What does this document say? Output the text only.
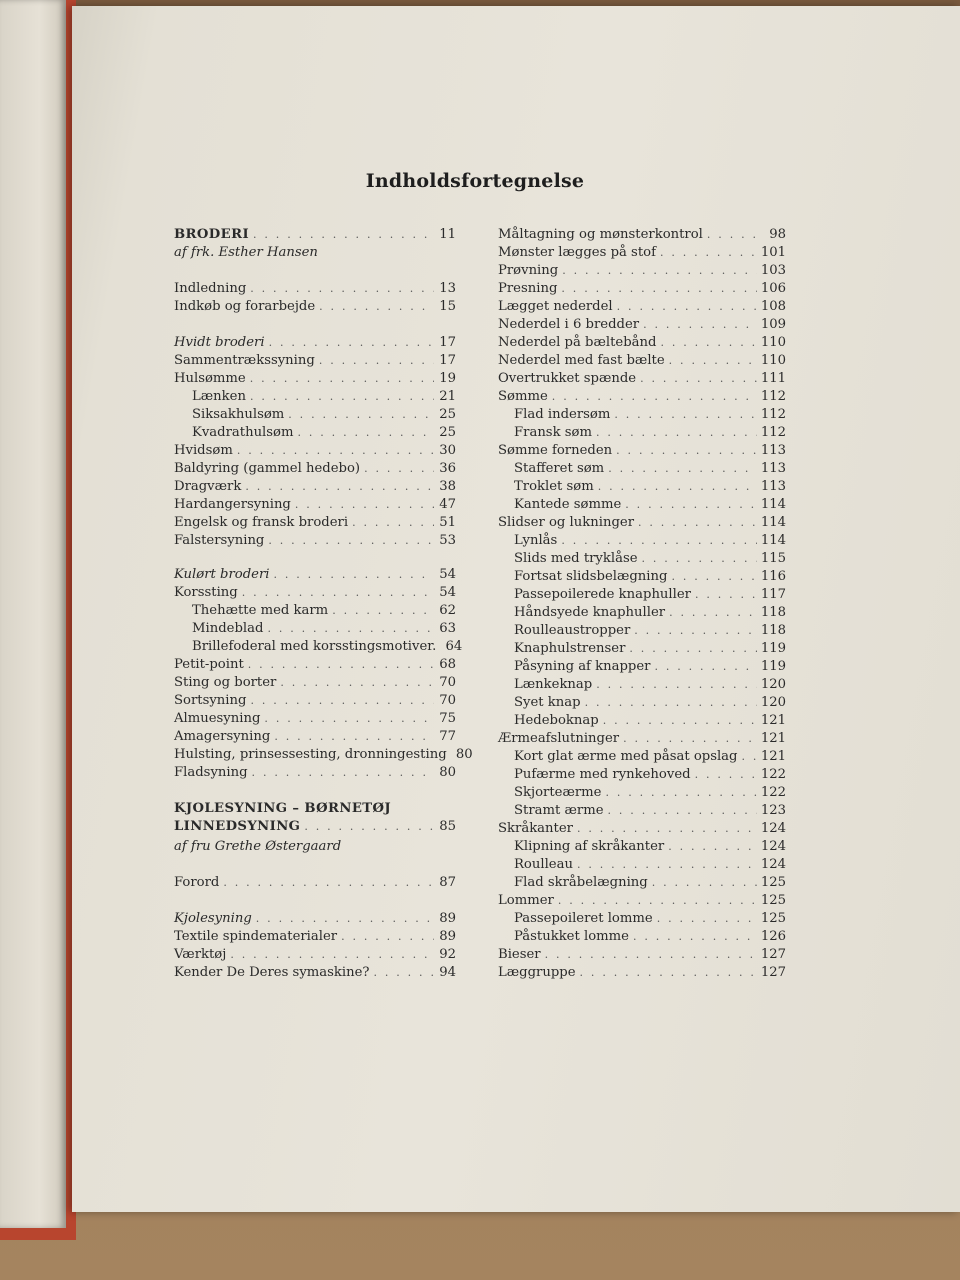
Indholdsfortegnelse
BRODERI . . .	11
af frk. Esther Hansen
Indledning . . .	13
Indkøb og forarbejde . . .	15
Hvidt broderi . . .	17
Sammentrækssyning . . .	17
Hulsømme . . .	19
Lænken . . .	21
Siksakhulsøm . . .	25
Kvadrathulsøm . . .	25
Hvidsøm . . .	30
Baldyring (gammel hedebo) . . .	36
Dragværk . . .	38
Hardangersyning . . .	47
Engelsk og fransk broderi . . .	51
Falstersyning . . .	53
Kulørt broderi . . .	54
Korssting . . .	54
Thehætte med karm . . .	62
Mindeblad . . .	63
Brillefoderal med korsstingsmotiver. 64
Petit-point . . .	68
Sting og borter . . .	70
Sortsyning . . .	70
Almuesyning . . .	75
Amagersyning . . .	77
Hulsting, prinsessesting, dronningesting 80
Fladsyning . . .	80
KJOLESYNING – BØRNETØJ
LINNEDSYNING . . .	85
af fru Grethe Østergaard
Forord . . .	87
Kjolesyning . . .	89
Textile spindematerialer . . .	89
Værktøj . . .	92
Kender De Deres symaskine? . . .	94
Måltagning og mønsterkontrol . . .	98
Mønster lægges på stof . . .	101
Prøvning . . .	103
Presning . . .	106
Lægget nederdel . . .	108
Nederdel i 6 bredder . . .	109
Nederdel på bæltebånd . . .	110
Nederdel med fast bælte . . .	110
Overtrukket spænde . . .	111
Sømme . . .	112
Flad indersøm . . .	112
Fransk søm . . .	112
Sømme forneden . . .	113
Stafferet søm . . .	113
Troklet søm . . .	113
Kantede sømme . . .	114
Slidser og lukninger . . .	114
Lynlås . . .	114
Slids med tryklåse . . .	115
Fortsat slidsbelægning . . .	116
Passepoilerede knaphuller . . .	117
Håndsyede knaphuller . . .	118
Roulleaustropper . . .	118
Knaphulstrenser . . .	119
Påsyning af knapper . . .	119
Lænkeknap . . .	120
Syet knap . . .	120
Hedeboknap . . .	121
Ærmeafslutninger . . .	121
Kort glat ærme med påsat opslag . . . 121
Pufærme med rynkehoved . . .	122
Skjorteærme . . .	122
Stramt ærme . . .	123
Skråkanter . . .	124
Klipning af skråkanter . . .	124
Roulleau . . .	124
Flad skråbelægning . . .	125
Lommer . . .	125
Passepoileret lomme . . .	125
Påstukket lomme . . .	126
Bieser . . .	127
Læggruppe . . .	127
